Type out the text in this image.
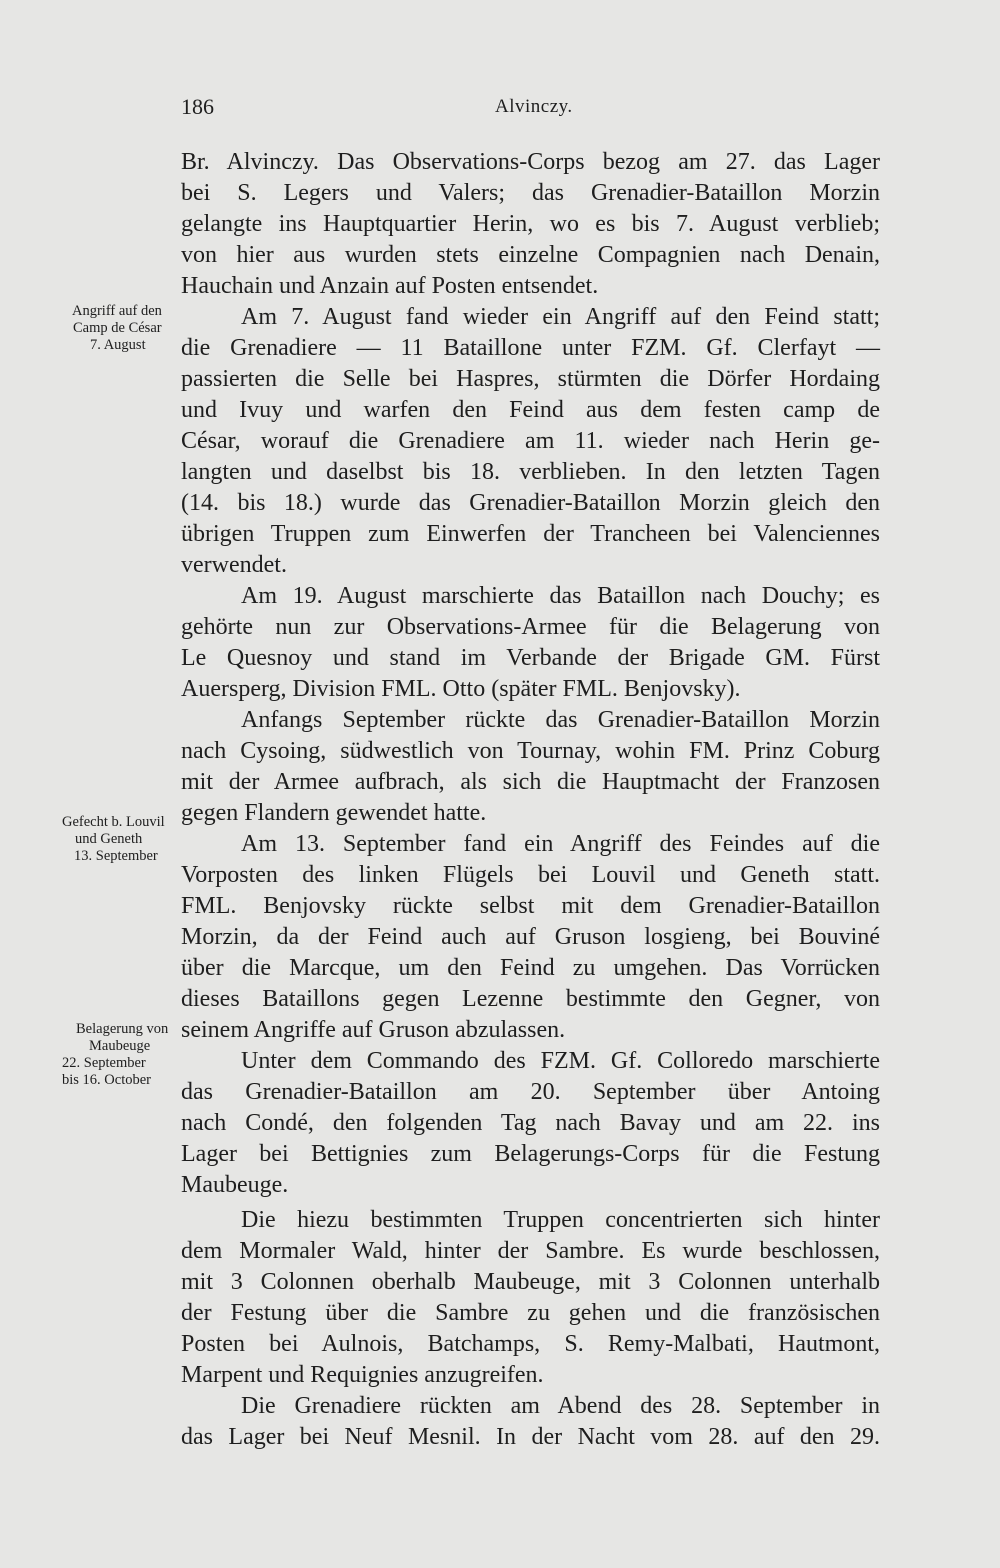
186	Alvinczy.
Angriff auf den
Camp de César
7. August
Gefecht b. Louvil
und Geneth
13. September
Belagerung von
Maubeuge
22. September
bis 16. October
Br. Alvinczy. Das Observations-Corps bezog am 27. das Lager
bei S. Legers und Valers; das Grenadier-Bataillon Morzin
gelangte ins Hauptquartier Herin, wo es bis 7. August verblieb;
von hier aus wurden stets einzelne Compagnien nach Denain,
Hauchain und Anzain auf Posten entsendet.
Am 7. August fand wieder ein Angriff auf den Feind statt;
die Grenadiere — 11 Bataillone unter FZM. Gf. Clerfayt —
passierten die Selle bei Haspres, stürmten die Dörfer Hordaing
und Ivuy und warfen den Feind aus dem festen camp de
César, worauf die Grenadiere am 11. wieder nach Herin ge-
langten und daselbst bis 18. verblieben. In den letzten Tagen
(14. bis 18.) wurde das Grenadier-Bataillon Morzin gleich den
übrigen Truppen zum Einwerfen der Trancheen bei Valenciennes
verwendet.
Am 19. August marschierte das Bataillon nach Douchy; es
gehörte nun zur Observations-Armee für die Belagerung von
Le Quesnoy und stand im Verbande der Brigade GM. Fürst
Auersperg, Division FML. Otto (später FML. Benjovsky).
Anfangs September rückte das Grenadier-Bataillon Morzin
nach Cysoing, südwestlich von Tournay, wohin FM. Prinz Coburg
mit der Armee aufbrach, als sich die Hauptmacht der Franzosen
gegen Flandern gewendet hatte.
Am 13. September fand ein Angriff des Feindes auf die
Vorposten des linken Flügels bei Louvil und Geneth statt.
FML. Benjovsky rückte selbst mit dem Grenadier-Bataillon
Morzin, da der Feind auch auf Gruson losgieng, bei Bouviné
über die Marcque, um den Feind zu umgehen. Das Vorrücken
dieses Bataillons gegen Lezenne bestimmte den Gegner, von
seinem Angriffe auf Gruson abzulassen.
Unter dem Commando des FZM. Gf. Colloredo marschierte
das Grenadier-Bataillon am 20. September über Antoing
nach Condé, den folgenden Tag nach Bavay und am 22. ins
Lager bei Bettignies zum Belagerungs-Corps für die Festung
Maubeuge.
Die hiezu bestimmten Truppen concentrierten sich hinter
dem Mormaler Wald, hinter der Sambre. Es wurde beschlossen,
mit 3 Colonnen oberhalb Maubeuge, mit 3 Colonnen unterhalb
der Festung über die Sambre zu gehen und die französischen
Posten bei Aulnois, Batchamps, S. Remy-Malbati, Hautmont,
Marpent und Requignies anzugreifen.
Die Grenadiere rückten am Abend des 28. September in
das Lager bei Neuf Mesnil. In der Nacht vom 28. auf den 29.
